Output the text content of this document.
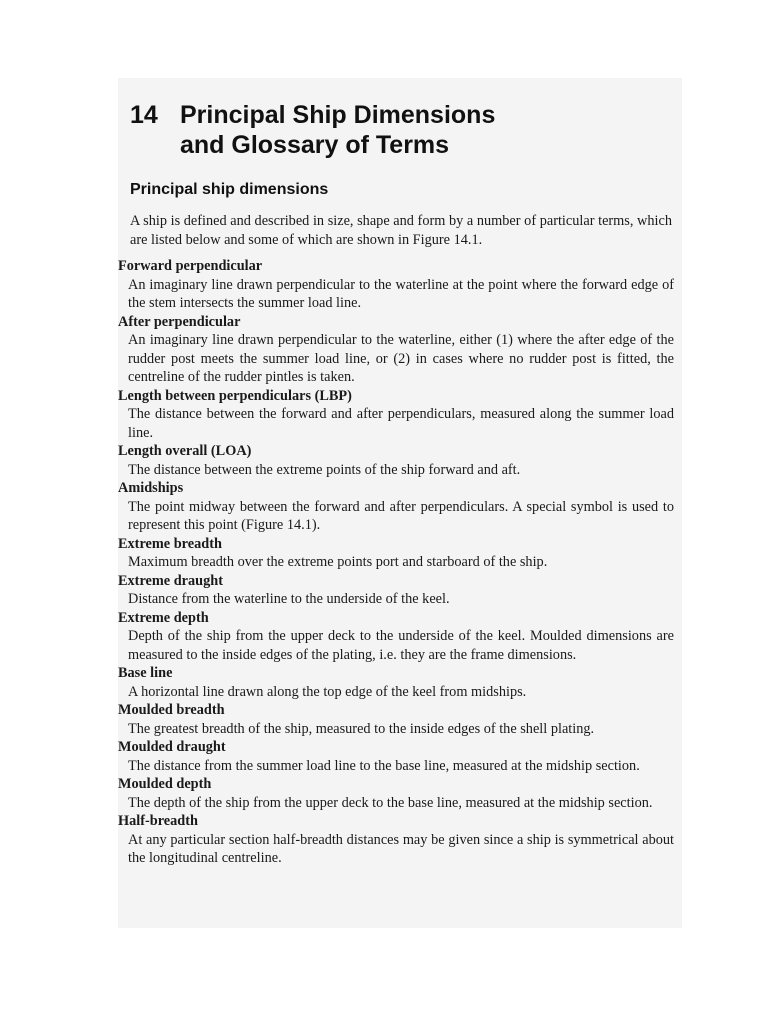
14 Principal Ship Dimensions
and Glossary of Terms
Principal ship dimensions

A ship is defined and described in size, shape and form by a number of particular terms, which are listed below and some of which are shown in Figure 14.1.

Forward perpendicular

An imaginary line drawn perpendicular to the waterline at the point where the forward edge of the stem intersects the summer load line.

After perpendicular

An imaginary line drawn perpendicular to the waterline, either (1) where the after edge of the rudder post meets the summer load line, or (2) in cases where no rudder post is fitted, the centreline of the rudder pintles is taken.

Length between perpendiculars (LBP)

The distance between the forward and after perpendiculars, measured along the summer load line.

Length overall (LOA)

The distance between the extreme points of the ship forward and aft.

Amidships

The point midway between the forward and after perpendiculars. A special symbol is used to represent this point (Figure 14.1).

Extreme breadth

Maximum breadth over the extreme points port and starboard of the ship.

Extreme draught

Distance from the waterline to the underside of the keel.

Extreme depth

Depth of the ship from the upper deck to the underside of the keel. Moulded dimensions are measured to the inside edges of the plating, i.e. they are the frame dimensions.

Base line

A horizontal line drawn along the top edge of the keel from midships.

Moulded breadth

The greatest breadth of the ship, measured to the inside edges of the shell plating.

Moulded draught

The distance from the summer load line to the base line, measured at the midship section.

Moulded depth

The depth of the ship from the upper deck to the base line, measured at the midship section.

Half-breadth

At any particular section half-breadth distances may be given since a ship is symmetrical about the longitudinal centreline.
